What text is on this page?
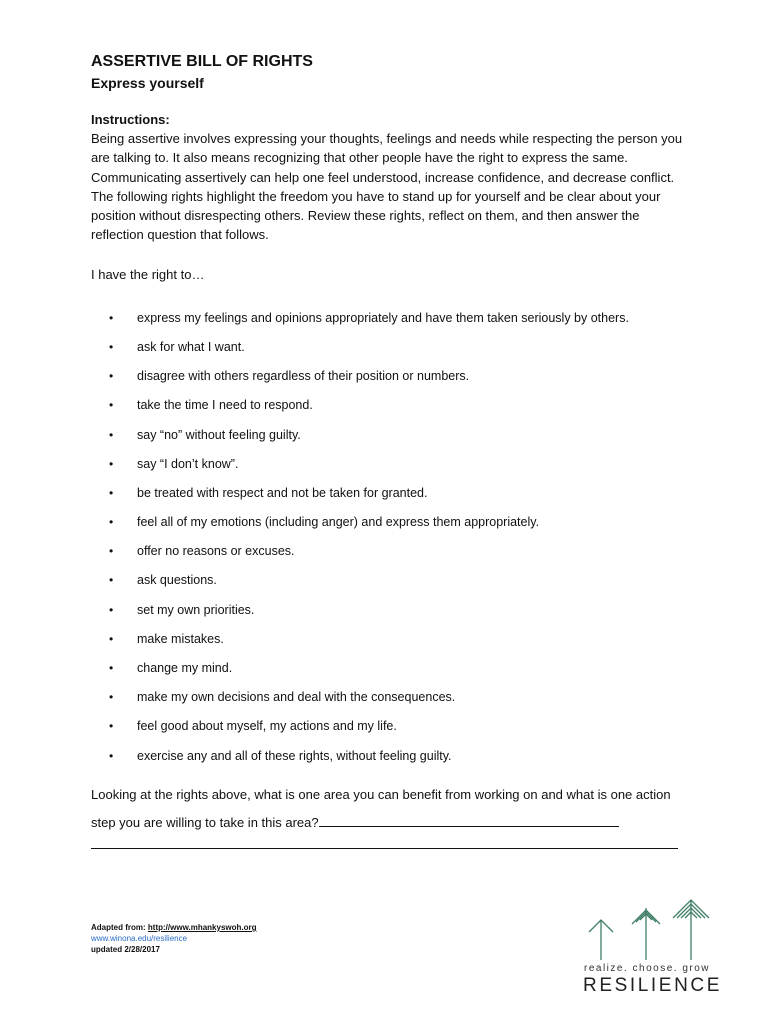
ASSERTIVE BILL OF RIGHTS
Express yourself
Instructions:

Being assertive involves expressing your thoughts, feelings and needs while respecting the person you are talking to. It also means recognizing that other people have the right to express the same. Communicating assertively can help one feel understood, increase confidence, and decrease conflict. The following rights highlight the freedom you have to stand up for yourself and be clear about your position without disrespecting others. Review these rights, reflect on them, and then answer the reflection question that follows.

I have the right to…
• express my feelings and opinions appropriately and have them taken seriously by others.
• ask for what I want.
• disagree with others regardless of their position or numbers.
• take the time I need to respond.
• say “no” without feeling guilty.
• say “I don’t know”.
• be treated with respect and not be taken for granted.
• feel all of my emotions (including anger) and express them appropriately.
• offer no reasons or excuses.
• ask questions.
• set my own priorities.
• make mistakes.
• change my mind.
• make my own decisions and deal with the consequences.
• feel good about myself, my actions and my life.
• exercise any and all of these rights, without feeling guilty.
Looking at the rights above, what is one area you can benefit from working on and what is one action step you are willing to take in this area?
Adapted from: http://www.mhankyswoh.org
www.winona.edu/resilience
updated 2/28/2017
realize. choose. grow
RESILIENCE
